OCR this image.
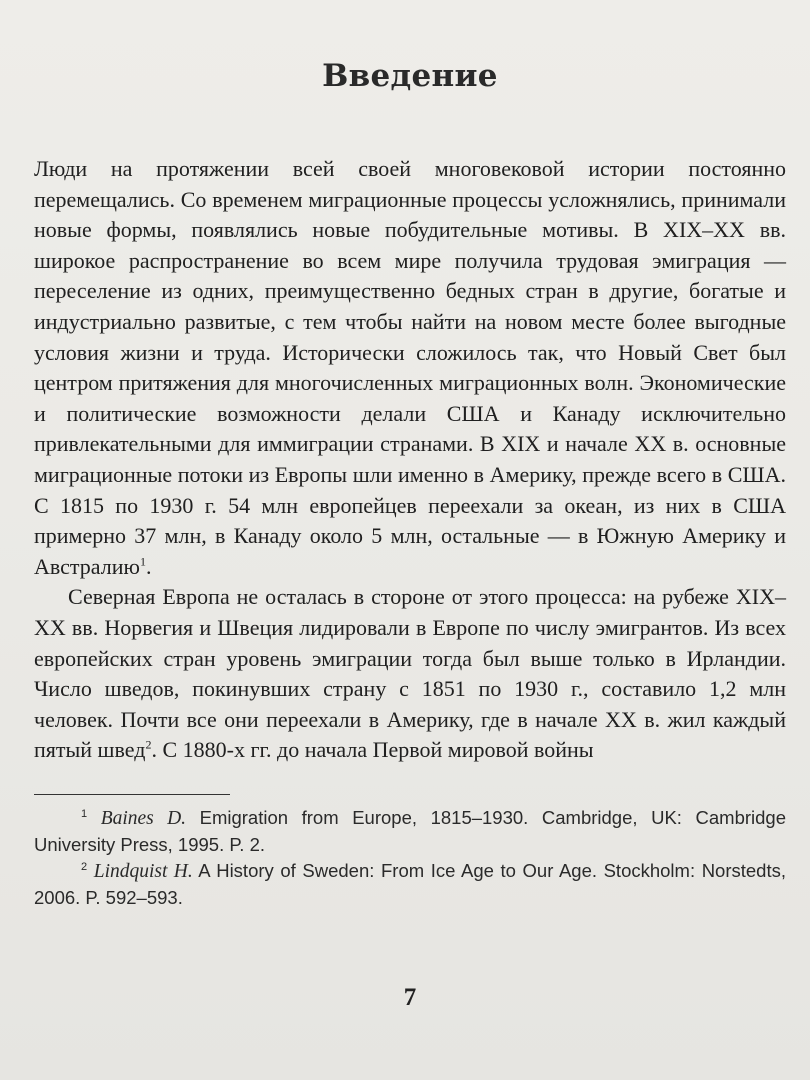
Введение

Люди на протяжении всей своей многовековой истории постоянно перемещались. Со временем миграционные процессы усложнялись, принимали новые формы, появлялись новые побудительные мотивы. В XIX–XX вв. широкое распространение во всем мире получила трудовая эмиграция — переселение из одних, преимущественно бедных стран в другие, богатые и индустриально развитые, с тем чтобы найти на новом месте более выгодные условия жизни и труда. Исторически сложилось так, что Новый Свет был центром притяжения для многочисленных миграционных волн. Экономические и политические возможности делали США и Канаду исключительно привлекательными для иммиграции странами. В XIX и начале XX в. основные миграционные потоки из Европы шли именно в Америку, прежде всего в США. С 1815 по 1930 г. 54 млн европейцев переехали за океан, из них в США примерно 37 млн, в Канаду около 5 млн, остальные — в Южную Америку и Австралию$^1$.

Северная Европа не осталась в стороне от этого процесса: на рубеже XIX–XX вв. Норвегия и Швеция лидировали в Европе по числу эмигрантов. Из всех европейских стран уровень эмиграции тогда был выше только в Ирландии. Число шведов, покинувших страну с 1851 по 1930 г., составило 1,2 млн человек. Почти все они переехали в Америку, где в начале XX в. жил каждый пятый швед$^2$. С 1880-х гг. до начала Первой мировой войны

$^1$ Baines D. Emigration from Europe, 1815–1930. Cambridge, UK: Cambridge University Press, 1995. P. 2.

$^2$ Lindquist H. A History of Sweden: From Ice Age to Our Age. Stockholm: Norstedts, 2006. P. 592–593.

7
